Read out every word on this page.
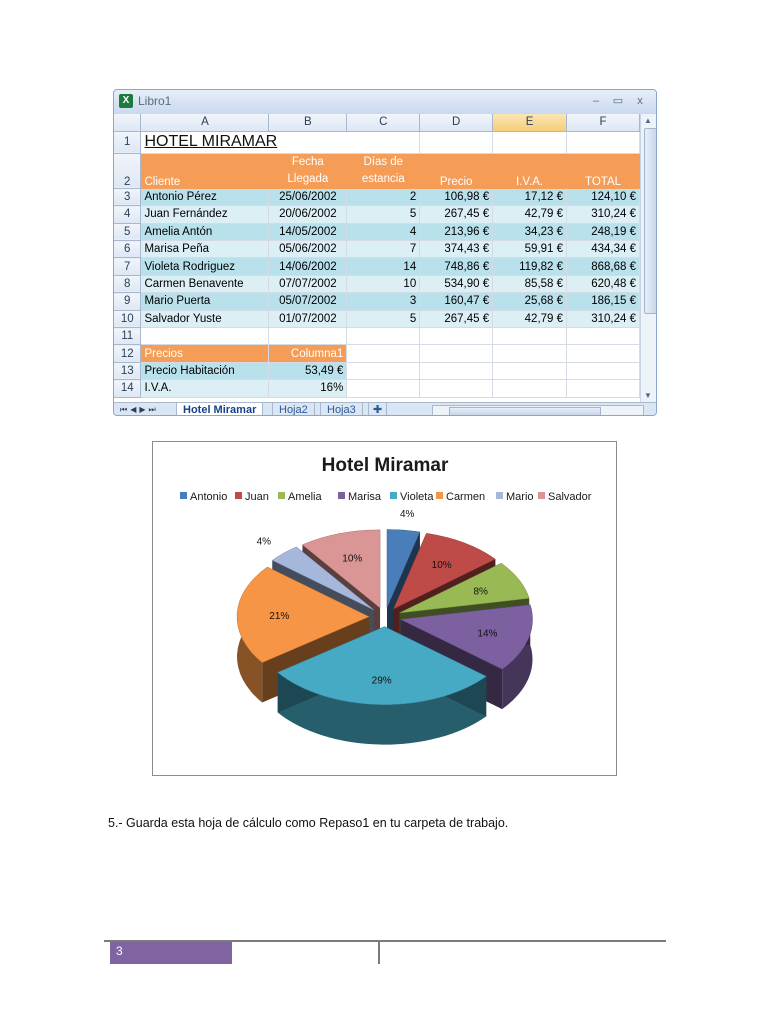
X Libro1	–	▭	x
	A	B	C	D	E	F
1	HOTEL MIRAMAR					
2	Cliente	Fecha
Llegada	Días de
estancia	Precio	I.V.A.	TOTAL
3	Antonio Pérez	25/06/2002	2	106,98 €	17,12 €	124,10 €
4	Juan Fernández	20/06/2002	5	267,45 €	42,79 €	310,24 €
5	Amelia Antón	14/05/2002	4	213,96 €	34,23 €	248,19 €
6	Marisa Peña	05/06/2002	7	374,43 €	59,91 €	434,34 €
7	Violeta Rodriguez	14/06/2002	14	748,86 €	119,82 €	868,68 €
8	Carmen Benavente	07/07/2002	10	534,90 €	85,58 €	620,48 €
9	Mario Puerta	05/07/2002	3	160,47 €	25,68 €	186,15 €
10	Salvador Yuste	01/07/2002	5	267,45 €	42,79 €	310,24 €
11						
12	Precios	Columna1				
13	Precio Habitación	53,49 €				
14	I.V.A.	16%				
▲
▼
⏮◀▶⏭	Hotel Miramar	Hoja2	Hoja3	✚
Hotel Miramar
Antonio Juan Amelia Marisa Violeta Carmen Mario Salvador
4%
10%
8%
14%
29%
21%
4%
10%
5.- Guarda esta hoja de cálculo como Repaso1 en tu carpeta de trabajo.
3
